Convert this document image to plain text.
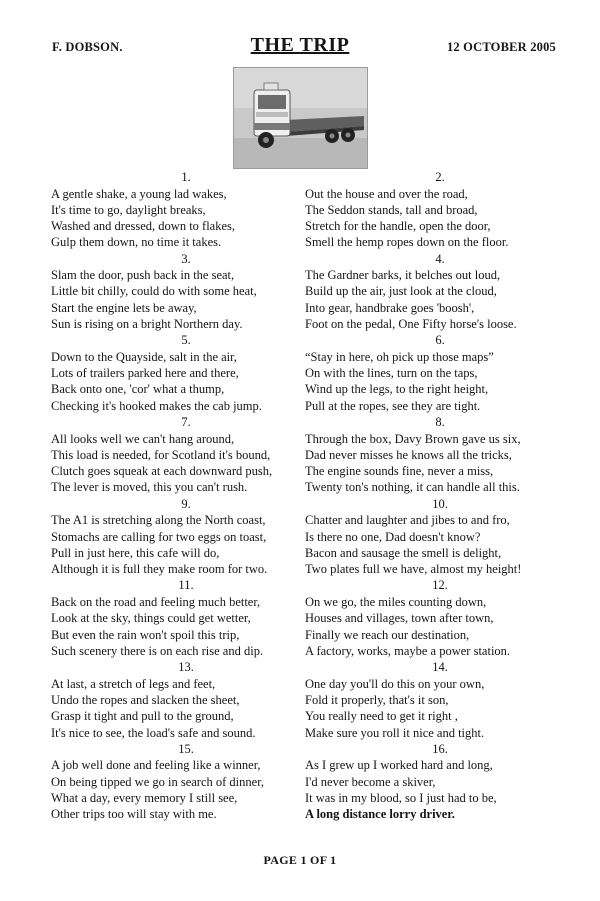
F. DOBSON.	THE TRIP	12 OCTOBER 2005
1.
A gentle shake, a young lad wakes,
It's time to go, daylight breaks,
Washed and dressed, down to flakes,
Gulp them down, no time it takes.
3.
Slam the door, push back in the seat,
Little bit chilly, could do with some heat,
Start the engine lets be away,
Sun is rising on a bright Northern day.
5.
Down to the Quayside, salt in the air,
Lots of trailers parked here and there,
Back onto one, 'cor' what a thump,
Checking it's hooked makes the cab jump.
7.
All looks well we can't hang around,
This load is needed, for Scotland it's bound,
Clutch goes squeak at each downward push,
The lever is moved, this you can't rush.
9.
The A1 is stretching along the North coast,
Stomachs are calling for two eggs on toast,
Pull in just here, this cafe will do,
Although it is full they make room for two.
11.
Back on the road and feeling much better,
Look at the sky, things could get wetter,
But even the rain won't spoil this trip,
Such scenery there is on each rise and dip.
13.
At last, a stretch of legs and feet,
Undo the ropes and slacken the sheet,
Grasp it tight and pull to the ground,
It's nice to see, the load's safe and sound.
15.
A job well done and feeling like a winner,
On being tipped we go in search of dinner,
What a day, every memory I still see,
Other trips too will stay with me.
2.
Out the house and over the road,
The Seddon stands, tall and broad,
Stretch for the handle, open the door,
Smell the hemp ropes down on the floor.
4.
The Gardner barks, it belches out loud,
Build up the air, just look at the cloud,
Into gear, handbrake goes 'boosh',
Foot on the pedal, One Fifty horse's loose.
6.
“Stay in here, oh pick up those maps”
On with the lines, turn on the taps,
Wind up the legs, to the right height,
Pull at the ropes, see they are tight.
8.
Through the box, Davy Brown gave us six,
Dad never misses he knows all the tricks,
The engine sounds fine, never a miss,
Twenty ton's nothing, it can handle all this.
10.
Chatter and laughter and jibes to and fro,
Is there no one, Dad doesn't know?
Bacon and sausage the smell is delight,
Two plates full we have, almost my height!
12.
On we go, the miles counting down,
Houses and villages, town after town,
Finally we reach our destination,
A factory, works, maybe a power station.
14.
One day you'll do this on your own,
Fold it properly, that's it son,
You really need to get it right ,
Make sure you roll it nice and tight.
16.
As I grew up I worked hard and long,
I'd never become a skiver,
It was in my blood, so I just had to be,
A long distance lorry driver.
PAGE 1 OF 1
